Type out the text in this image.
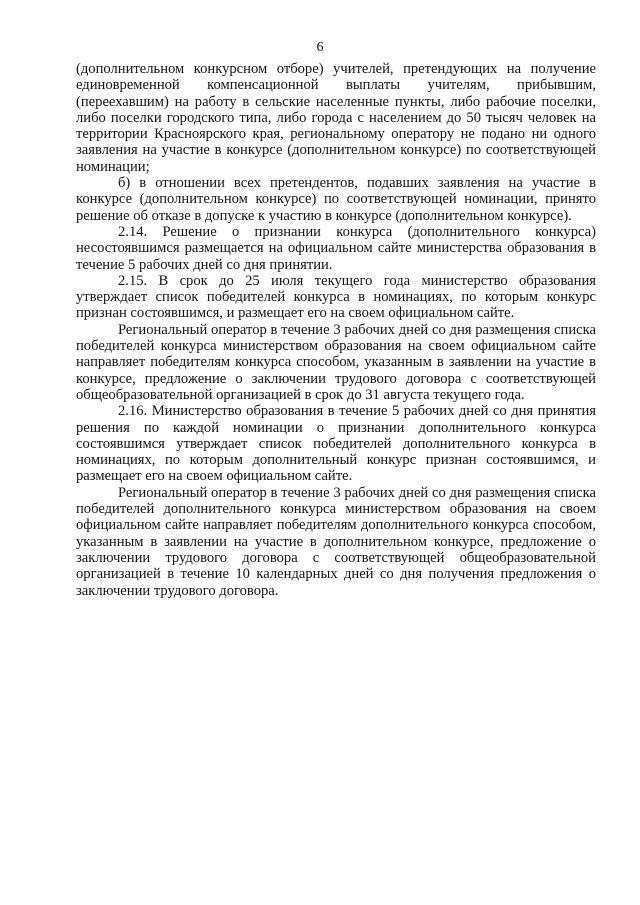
6

(дополнительном конкурсном отборе) учителей, претендующих на получение единовременной компенсационной выплаты учителям, прибывшим, (переехавшим) на работу в сельские населенные пункты, либо рабочие поселки, либо поселки городского типа, либо города с населением до 50 тысяч человек на территории Красноярского края, региональному оператору не подано ни одного заявления на участие в конкурсе (дополнительном конкурсе) по соответствующей номинации;

б) в отношении всех претендентов, подавших заявления на участие в конкурсе (дополнительном конкурсе) по соответствующей номинации, принято решение об отказе в допуске к участию в конкурсе (дополнительном конкурсе).

2.14. Решение о признании конкурса (дополнительного конкурса) несостоявшимся размещается на официальном сайте министерства образования в течение 5 рабочих дней со дня принятии.

2.15. В срок до 25 июля текущего года министерство образования утверждает список победителей конкурса в номинациях, по которым конкурс признан состоявшимся, и размещает его на своем официальном сайте.

Региональный оператор в течение 3 рабочих дней со дня размещения списка победителей конкурса министерством образования на своем официальном сайте направляет победителям конкурса способом, указанным в заявлении на участие в конкурсе, предложение о заключении трудового договора с соответствующей общеобразовательной организацией в срок до 31 августа текущего года.

2.16. Министерство образования в течение 5 рабочих дней со дня принятия решения по каждой номинации о признании дополнительного конкурса состоявшимся утверждает список победителей дополнительного конкурса в номинациях, по которым дополнительный конкурс признан состоявшимся, и размещает его на своем официальном сайте.

Региональный оператор в течение 3 рабочих дней со дня размещения списка победителей дополнительного конкурса министерством образования на своем официальном сайте направляет победителям дополнительного конкурса способом, указанным в заявлении на участие в дополнительном конкурсе, предложение о заключении трудового договора с соответствующей общеобразовательной организацией в течение 10 календарных дней со дня получения предложения о заключении трудового договора.
